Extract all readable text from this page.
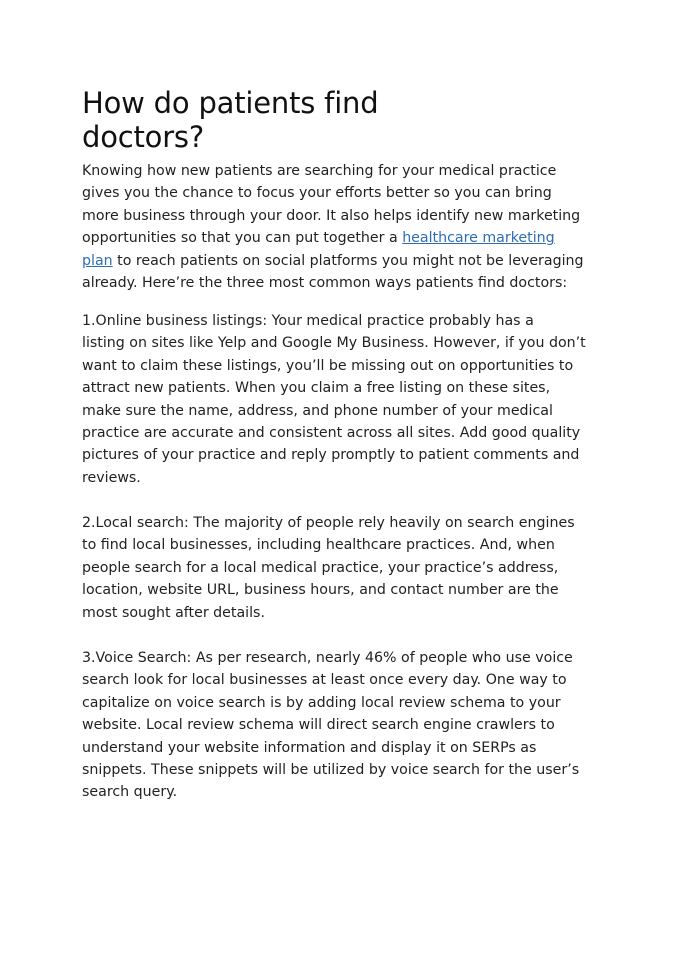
How do patients find
doctors?
Knowing how new patients are searching for your medical practice
gives you the chance to focus your efforts better so you can bring
more business through your door. It also helps identify new marketing
opportunities so that you can put together a healthcare marketing
plan to reach patients on social platforms you might not be leveraging
already. Here’re the three most common ways patients find doctors:
1.Online business listings: Your medical practice probably has a
listing on sites like Yelp and Google My Business. However, if you don’t
want to claim these listings, you’ll be missing out on opportunities to
attract new patients. When you claim a free listing on these sites,
make sure the name, address, and phone number of your medical
practice are accurate and consistent across all sites. Add good quality
pictures of your practice and reply promptly to patient comments and
reviews.
2.Local search: The majority of people rely heavily on search engines
to find local businesses, including healthcare practices. And, when
people search for a local medical practice, your practice’s address,
location, website URL, business hours, and contact number are the
most sought after details.
3.Voice Search: As per research, nearly 46% of people who use voice
search look for local businesses at least once every day. One way to
capitalize on voice search is by adding local review schema to your
website. Local review schema will direct search engine crawlers to
understand your website information and display it on SERPs as
snippets. These snippets will be utilized by voice search for the user’s
search query.
